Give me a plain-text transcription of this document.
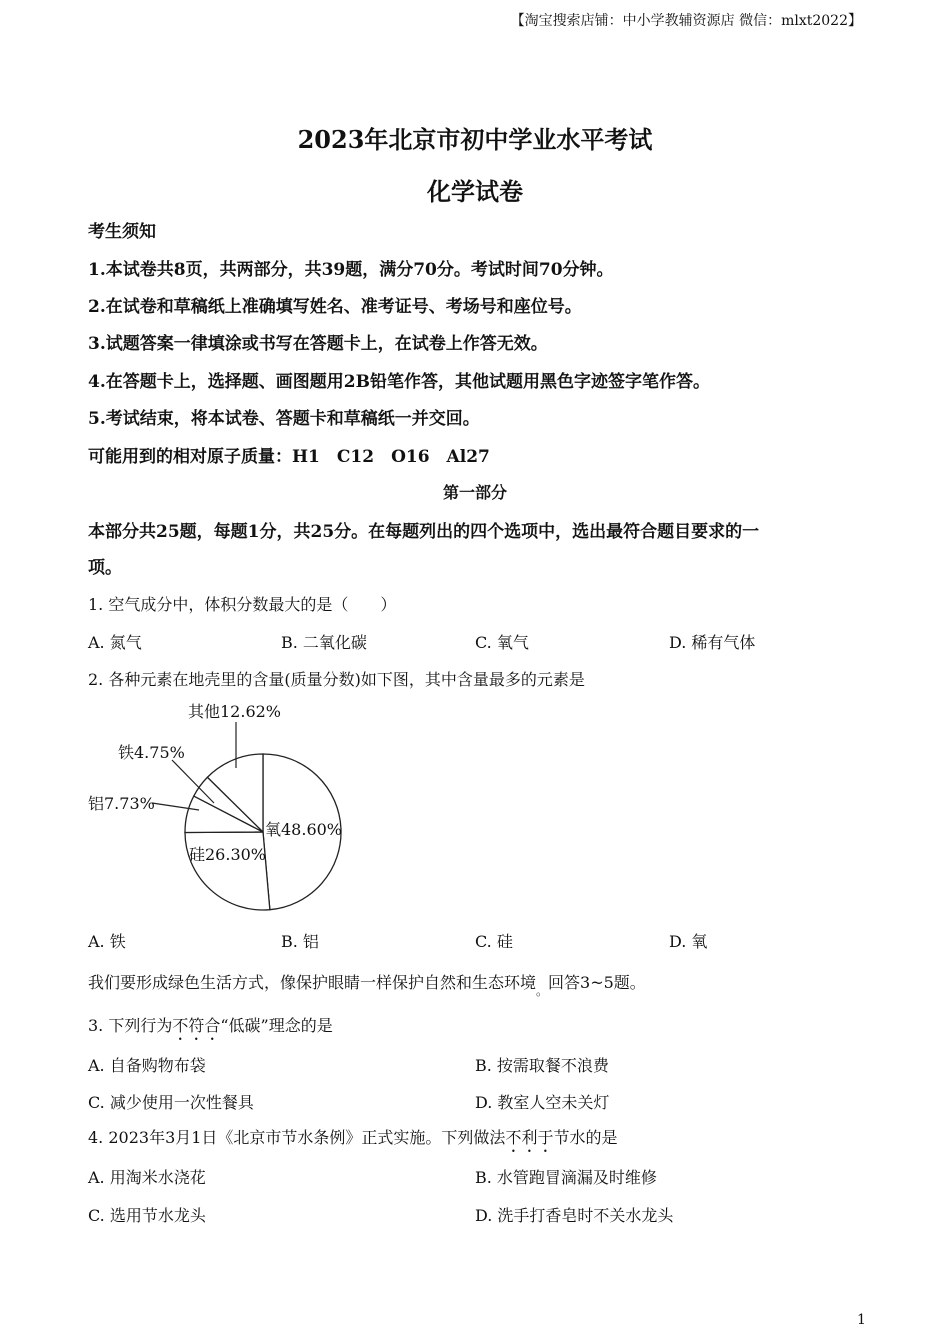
【淘宝搜索店铺：中小学教辅资源店 微信：mlxt2022】
2023年北京市初中学业水平考试
化学试卷
考生须知
1.本试卷共8页，共两部分，共39题，满分70分。考试时间70分钟。
2.在试卷和草稿纸上准确填写姓名、准考证号、考场号和座位号。
3.试题答案一律填涂或书写在答题卡上，在试卷上作答无效。
4.在答题卡上，选择题、画图题用2B铅笔作答，其他试题用黑色字迹签字笔作答。
5.考试结束，将本试卷、答题卡和草稿纸一并交回。
可能用到的相对原子质量：H1　C12　O16　Al27
第一部分
本部分共25题，每题1分，共25分。在每题列出的四个选项中，选出最符合题目要求的一
项。
1. 空气成分中，体积分数最大的是（　　）
A. 氮气	B. 二氧化碳	C. 氧气	D. 稀有气体
2. 各种元素在地壳里的含量(质量分数)如下图，其中含量最多的元素是
其他12.62%
铁4.75%
铝7.73%
氧48.60%
硅26.30%
A. 铁	B. 铝	C. 硅	D. 氧
我们要形成绿色生活方式，像保护眼睛一样保护自然和生态环境$_。$回答3~5题。
3. 下列行为不符合“低碳”理念的是
A. 自备购物布袋	B. 按需取餐不浪费
C. 减少使用一次性餐具	D. 教室人空未关灯
4. 2023年3月1日《北京市节水条例》正式实施。下列做法不利于节水的是
A. 用淘米水浇花	B. 水管跑冒滴漏及时维修
C. 选用节水龙头	D. 洗手打香皂时不关水龙头
1
